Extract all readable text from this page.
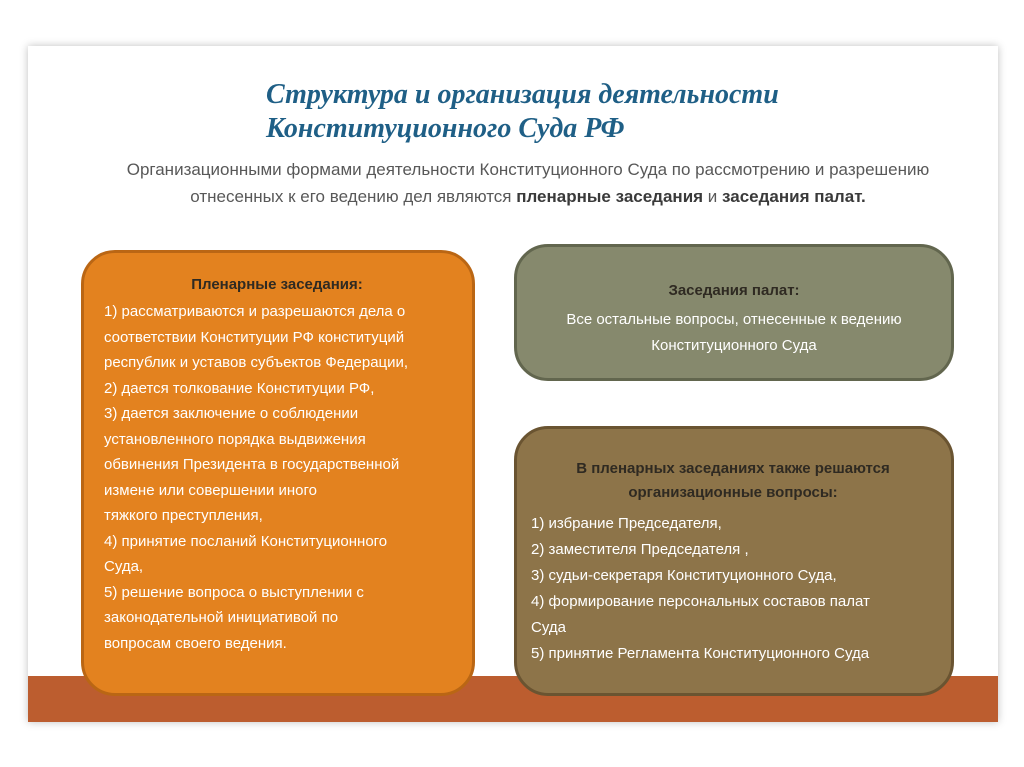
Структура и организация деятельности
Конституционного Суда РФ

Организационными формами деятельности Конституционного Суда по рассмотрению и разрешению отнесенных к его ведению дел являются пленарные заседания и заседания палат.

Пленарные заседания:
1) рассматриваются и разрешаются дела о
соответствии Конституции РФ конституций
республик и уставов субъектов Федерации,
2) дается толкование Конституции РФ,
3) дается заключение о соблюдении
установленного порядка выдвижения
обвинения Президента в государственной
измене или совершении иного
тяжкого преступления,
4) принятие посланий Конституционного
Суда,
5) решение вопроса о выступлении с
законодательной инициативой по
вопросам своего ведения.
Заседания палат:
Все остальные вопросы, отнесенные к ведению
Конституционного Суда
В пленарных заседаниях также решаются
организационные вопросы:
1) избрание Председателя,
2) заместителя Председателя ,
3) судьи-секретаря Конституционного Суда,
4) формирование персональных составов палат
Суда
5) принятие Регламента Конституционного Суда
